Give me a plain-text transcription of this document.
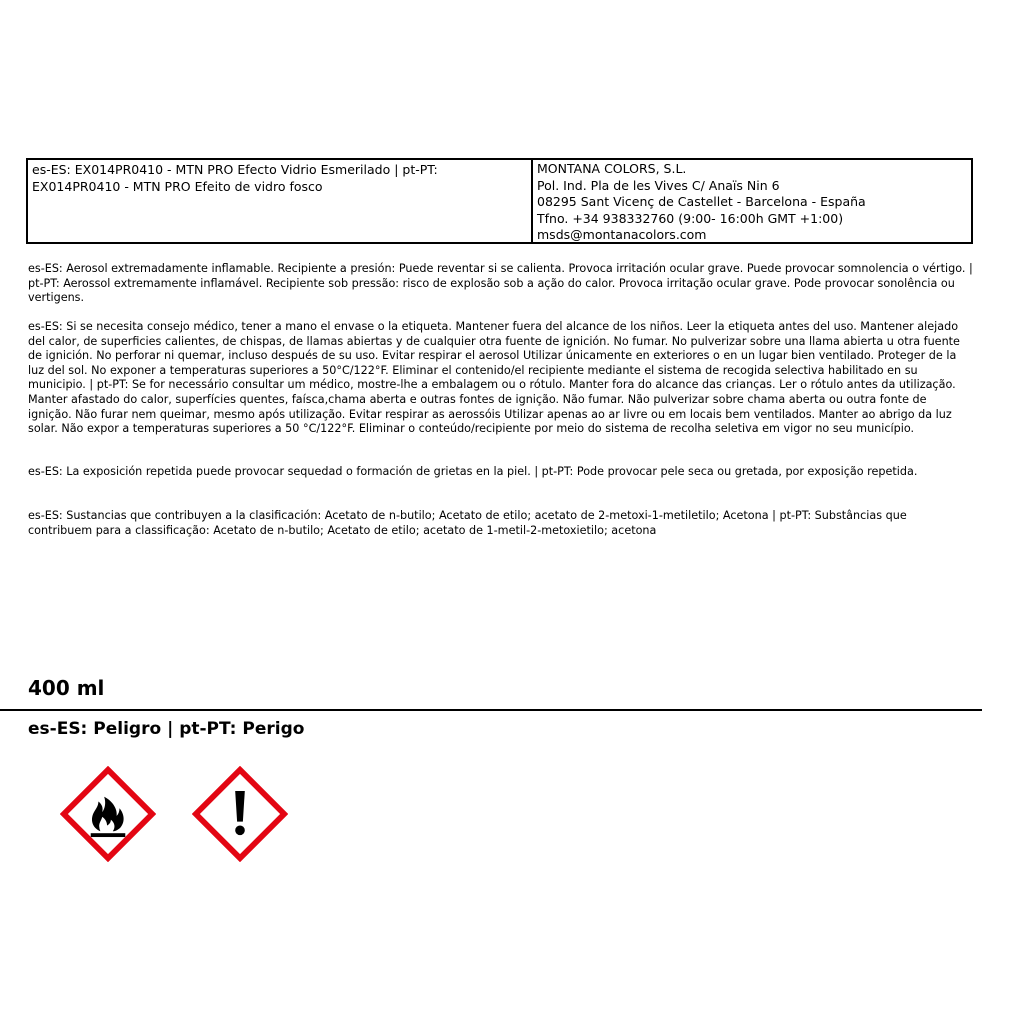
es-ES: EX014PR0410 - MTN PRO Efecto Vidrio Esmerilado | pt-PT: EX014PR0410 - MTN PRO Efeito de vidro fosco
MONTANA COLORS, S.L.
Pol. Ind. Pla de les Vives C/ Anaïs Nin 6
08295 Sant Vicenç de Castellet - Barcelona - España
Tfno. +34 938332760 (9:00- 16:00h GMT +1:00)
msds@montanacolors.com
es-ES: Aerosol extremadamente inflamable. Recipiente a presión: Puede reventar si se calienta. Provoca irritación ocular grave. Puede provocar somnolencia o vértigo. | pt-PT: Aerossol extremamente inflamável. Recipiente sob pressão: risco de explosão sob a ação do calor. Provoca irritação ocular grave. Pode provocar sonolência ou vertigens.
es-ES: Si se necesita consejo médico, tener a mano el envase o la etiqueta. Mantener fuera del alcance de los niños. Leer la etiqueta antes del uso. Mantener alejado del calor, de superficies calientes, de chispas, de llamas abiertas y de cualquier otra fuente de ignición. No fumar. No pulverizar sobre una llama abierta u otra fuente de ignición. No perforar ni quemar, incluso después de su uso. Evitar respirar el aerosol Utilizar únicamente en exteriores o en un lugar bien ventilado. Proteger de la luz del sol. No exponer a temperaturas superiores a 50°C/122°F. Eliminar el contenido/el recipiente mediante el sistema de recogida selectiva habilitado en su municipio. | pt-PT: Se for necessário consultar um médico, mostre-lhe a embalagem ou o rótulo. Manter fora do alcance das crianças. Ler o rótulo antes da utilização. Manter afastado do calor, superfícies quentes, faísca,chama aberta e outras fontes de ignição. Não fumar. Não pulverizar sobre chama aberta ou outra fonte de ignição. Não furar nem queimar, mesmo após utilização. Evitar respirar as aerossóis Utilizar apenas ao ar livre ou em locais bem ventilados. Manter ao abrigo da luz solar. Não expor a temperaturas superiores a 50 °C/122°F. Eliminar o conteúdo/recipiente por meio do sistema de recolha seletiva em vigor no seu município.
es-ES: La exposición repetida puede provocar sequedad o formación de grietas en la piel. | pt-PT: Pode provocar pele seca ou gretada, por exposição repetida.
es-ES: Sustancias que contribuyen a la clasificación: Acetato de n-butilo; Acetato de etilo; acetato de 2-metoxi-1-metiletilo; Acetona | pt-PT: Substâncias que contribuem para a classificação: Acetato de n-butilo; Acetato de etilo; acetato de 1-metil-2-metoxietilo; acetona
400 ml
es-ES: Peligro | pt-PT: Perigo
